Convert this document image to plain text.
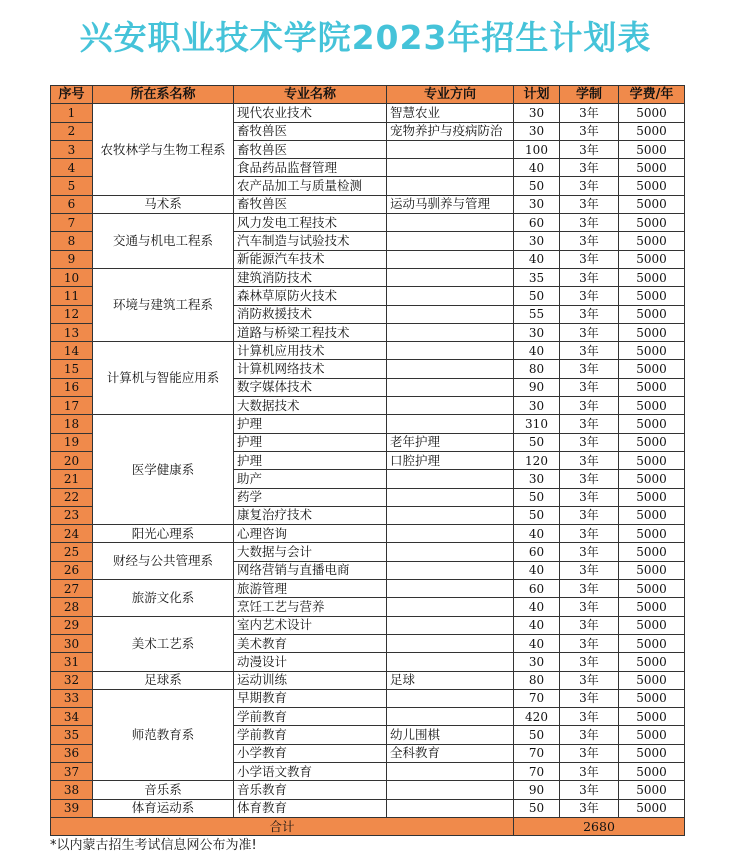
兴安职业技术学院2023年招生计划表
序号	所在系名称	专业名称	专业方向	计划	学制	学费/年
1	农牧林学与生物工程系	现代农业技术	智慧农业	30	3年	5000
2		畜牧兽医	宠物养护与疫病防治	30	3年	5000
3		畜牧兽医		100	3年	5000
4		食品药品监督管理		40	3年	5000
5		农产品加工与质量检测		50	3年	5000
6	马术系	畜牧兽医	运动马驯养与管理	30	3年	5000
7	交通与机电工程系	风力发电工程技术		60	3年	5000
8		汽车制造与试验技术		30	3年	5000
9		新能源汽车技术		40	3年	5000
10	环境与建筑工程系	建筑消防技术		35	3年	5000
11		森林草原防火技术		50	3年	5000
12		消防救援技术		55	3年	5000
13		道路与桥梁工程技术		30	3年	5000
14	计算机与智能应用系	计算机应用技术		40	3年	5000
15		计算机网络技术		80	3年	5000
16		数字媒体技术		90	3年	5000
17		大数据技术		30	3年	5000
18	医学健康系	护理		310	3年	5000
19		护理	老年护理	50	3年	5000
20		护理	口腔护理	120	3年	5000
21		助产		30	3年	5000
22		药学		50	3年	5000
23		康复治疗技术		50	3年	5000
24	阳光心理系	心理咨询		40	3年	5000
25	财经与公共管理系	大数据与会计		60	3年	5000
26		网络营销与直播电商		40	3年	5000
27	旅游文化系	旅游管理		60	3年	5000
28		烹饪工艺与营养		40	3年	5000
29	美术工艺系	室内艺术设计		40	3年	5000
30		美术教育		40	3年	5000
31		动漫设计		30	3年	5000
32	足球系	运动训练	足球	80	3年	5000
33	师范教育系	早期教育		70	3年	5000
34		学前教育		420	3年	5000
35		学前教育	幼儿围棋	50	3年	5000
36		小学教育	全科教育	70	3年	5000
37		小学语文教育		70	3年	5000
38	音乐系	音乐教育		90	3年	5000
39	体育运动系	体育教育		50	3年	5000
合计				2680		
*以内蒙古招生考试信息网公布为准!
